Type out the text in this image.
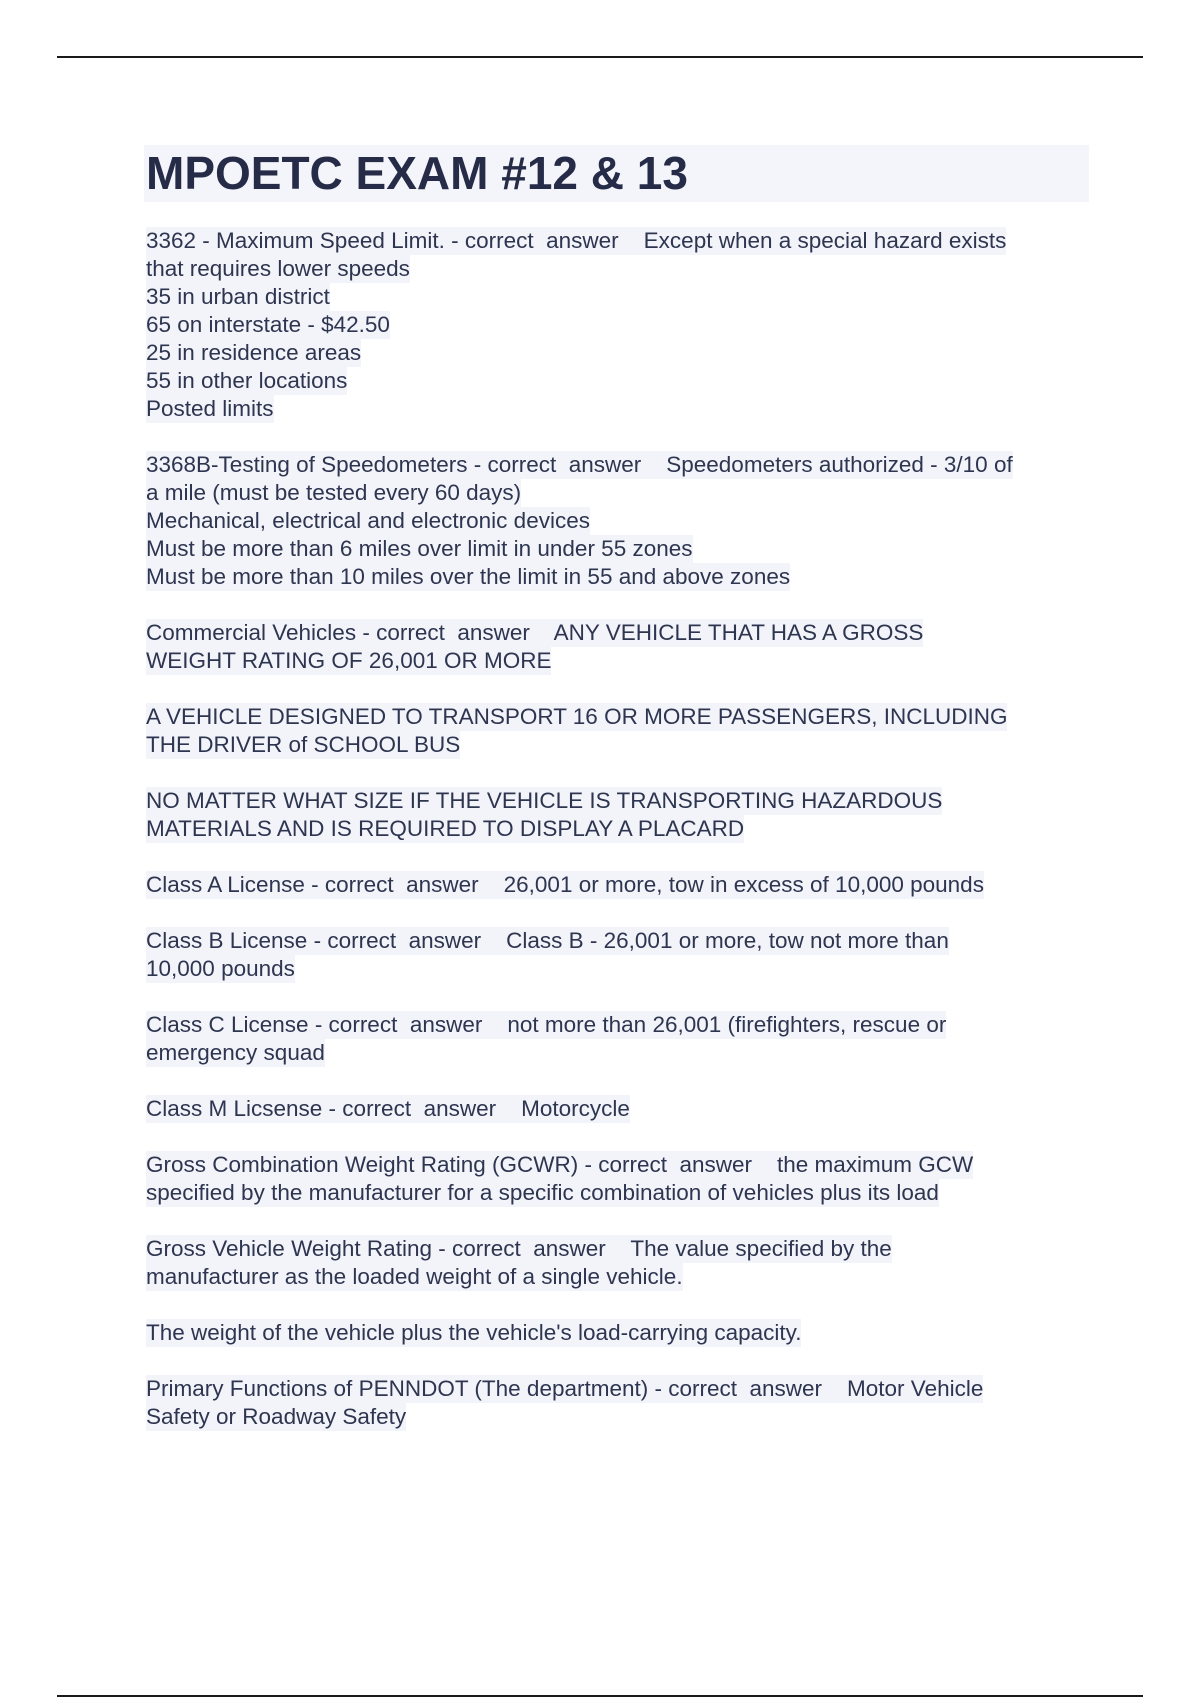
MPOETC EXAM #12 & 13
3362 - Maximum Speed Limit. - correct  answer    Except when a special hazard exists
that requires lower speeds
35 in urban district
65 on interstate - $42.50
25 in residence areas
55 in other locations
Posted limits
3368B-Testing of Speedometers - correct  answer    Speedometers authorized - 3/10 of
a mile (must be tested every 60 days)
Mechanical, electrical and electronic devices
Must be more than 6 miles over limit in under 55 zones
Must be more than 10 miles over the limit in 55 and above zones
Commercial Vehicles - correct  answer    ANY VEHICLE THAT HAS A GROSS
WEIGHT RATING OF 26,001 OR MORE
A VEHICLE DESIGNED TO TRANSPORT 16 OR MORE PASSENGERS, INCLUDING
THE DRIVER of SCHOOL BUS
NO MATTER WHAT SIZE IF THE VEHICLE IS TRANSPORTING HAZARDOUS
MATERIALS AND IS REQUIRED TO DISPLAY A PLACARD
Class A License - correct  answer    26,001 or more, tow in excess of 10,000 pounds
Class B License - correct  answer    Class B - 26,001 or more, tow not more than
10,000 pounds
Class C License - correct  answer    not more than 26,001 (firefighters, rescue or
emergency squad
Class M Licsense - correct  answer    Motorcycle
Gross Combination Weight Rating (GCWR) - correct  answer    the maximum GCW
specified by the manufacturer for a specific combination of vehicles plus its load
Gross Vehicle Weight Rating - correct  answer    The value specified by the
manufacturer as the loaded weight of a single vehicle.
The weight of the vehicle plus the vehicle's load-carrying capacity.
Primary Functions of PENNDOT (The department) - correct  answer    Motor Vehicle
Safety or Roadway Safety
